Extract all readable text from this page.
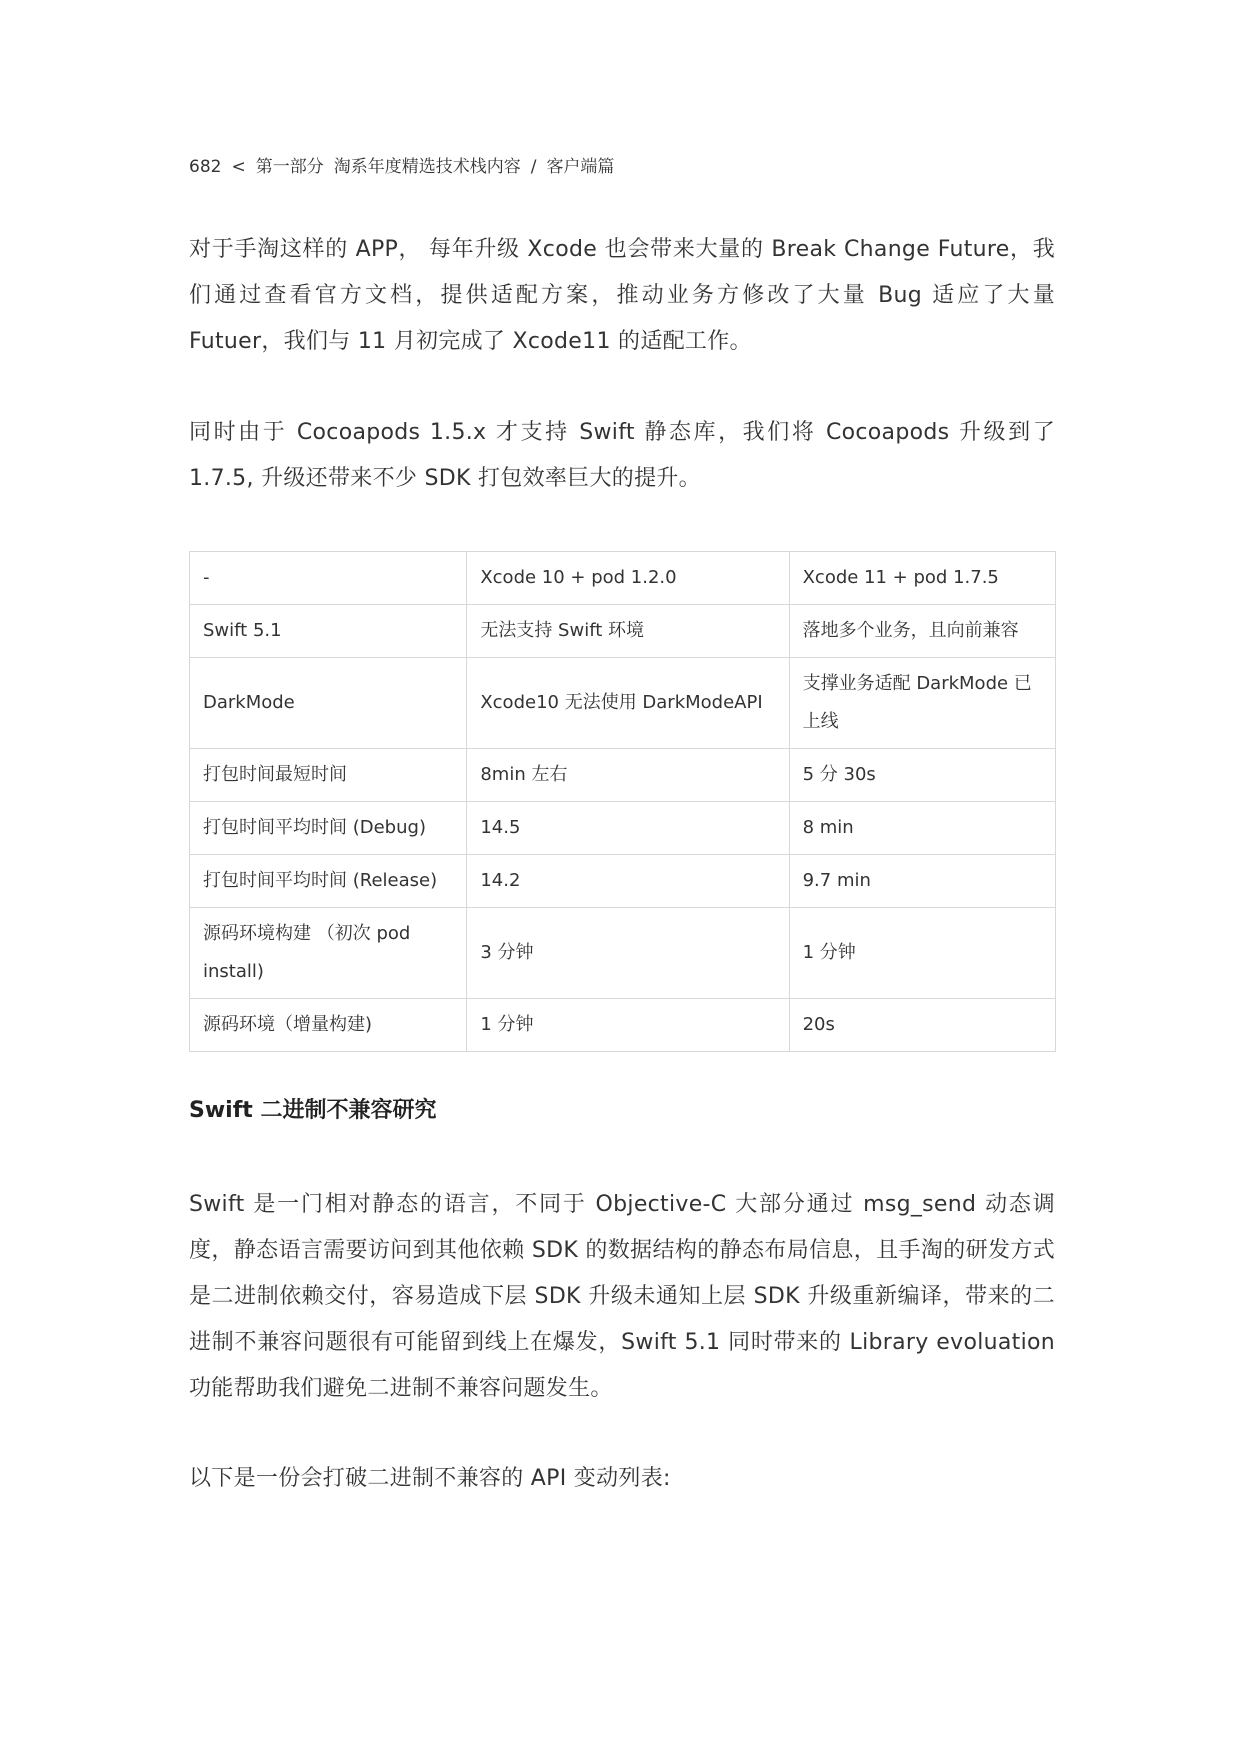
682 < 第一部分 淘系年度精选技术栈内容 / 客户端篇

对于手淘这样的 APP， 每年升级 Xcode 也会带来大量的 Break Change Future，我们通过查看官方文档，提供适配方案，推动业务方修改了大量 Bug 适应了大量 Futuer，我们与 11 月初完成了 Xcode11 的适配工作。

同时由于 Cocoapods 1.5.x 才支持 Swift 静态库，我们将 Cocoapods 升级到了 1.7.5, 升级还带来不少 SDK 打包效率巨大的提升。

-	Xcode 10 + pod 1.2.0	Xcode 11 + pod 1.7.5
Swift 5.1	无法支持 Swift 环境	落地多个业务，且向前兼容
DarkMode	Xcode10 无法使用 DarkModeAPI	支撑业务适配 DarkMode 已上线
打包时间最短时间	8min 左右	5 分 30s
打包时间平均时间 (Debug)	14.5	8 min
打包时间平均时间 (Release)	14.2	9.7 min
源码环境构建 （初次 pod install)	3 分钟	1 分钟
源码环境（增量构建)	1 分钟	20s
Swift 二进制不兼容研究

Swift 是一门相对静态的语言，不同于 Objective-C 大部分通过 msg_send 动态调度，静态语言需要访问到其他依赖 SDK 的数据结构的静态布局信息，且手淘的研发方式是二进制依赖交付，容易造成下层 SDK 升级未通知上层 SDK 升级重新编译，带来的二进制不兼容问题很有可能留到线上在爆发，Swift 5.1 同时带来的 Library evoluation 功能帮助我们避免二进制不兼容问题发生。

以下是一份会打破二进制不兼容的 API 变动列表:
